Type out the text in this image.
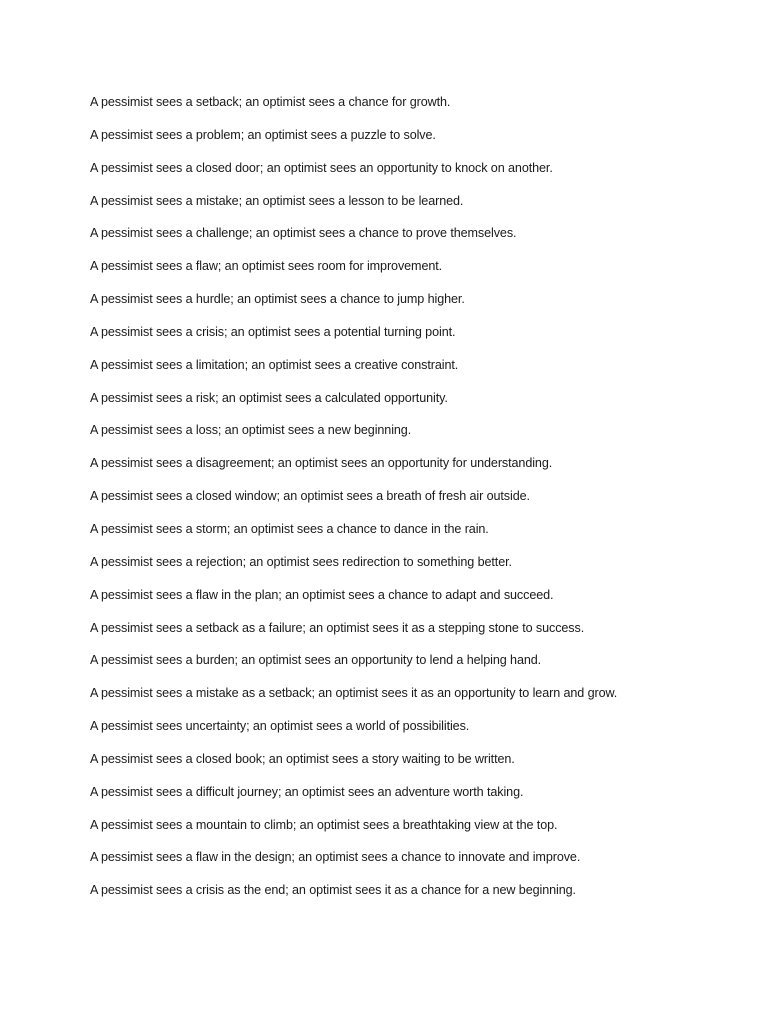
A pessimist sees a setback; an optimist sees a chance for growth.
A pessimist sees a problem; an optimist sees a puzzle to solve.
A pessimist sees a closed door; an optimist sees an opportunity to knock on another.
A pessimist sees a mistake; an optimist sees a lesson to be learned.
A pessimist sees a challenge; an optimist sees a chance to prove themselves.
A pessimist sees a flaw; an optimist sees room for improvement.
A pessimist sees a hurdle; an optimist sees a chance to jump higher.
A pessimist sees a crisis; an optimist sees a potential turning point.
A pessimist sees a limitation; an optimist sees a creative constraint.
A pessimist sees a risk; an optimist sees a calculated opportunity.
A pessimist sees a loss; an optimist sees a new beginning.
A pessimist sees a disagreement; an optimist sees an opportunity for understanding.
A pessimist sees a closed window; an optimist sees a breath of fresh air outside.
A pessimist sees a storm; an optimist sees a chance to dance in the rain.
A pessimist sees a rejection; an optimist sees redirection to something better.
A pessimist sees a flaw in the plan; an optimist sees a chance to adapt and succeed.
A pessimist sees a setback as a failure; an optimist sees it as a stepping stone to success.
A pessimist sees a burden; an optimist sees an opportunity to lend a helping hand.
A pessimist sees a mistake as a setback; an optimist sees it as an opportunity to learn and grow.
A pessimist sees uncertainty; an optimist sees a world of possibilities.
A pessimist sees a closed book; an optimist sees a story waiting to be written.
A pessimist sees a difficult journey; an optimist sees an adventure worth taking.
A pessimist sees a mountain to climb; an optimist sees a breathtaking view at the top.
A pessimist sees a flaw in the design; an optimist sees a chance to innovate and improve.
A pessimist sees a crisis as the end; an optimist sees it as a chance for a new beginning.
